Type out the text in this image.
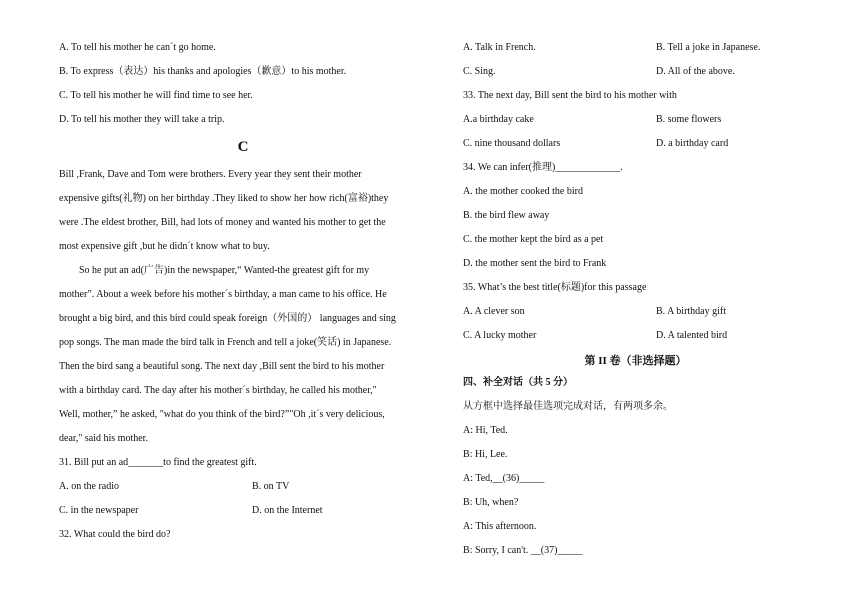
A. To tell his mother he can´t go home.
B. To express（表达）his thanks and apologies（歉意）to his mother.
C. To tell his mother he will find time to see her.
D. To tell his mother they will take a trip.
C
Bill ,Frank, Dave and Tom were brothers. Every year they sent their mother
expensive gifts(礼物) on her birthday .They liked to show her how rich(富裕)they
were .The eldest brother, Bill, had lots of money and wanted his mother to get the
most expensive gift ,but he didn´t know what to buy.
So he put an ad(广告)in the newspaper,“ Wanted-the greatest gift for my
mother”. About a week before his mother´s birthday, a man came to his office. He
brought a big bird, and this bird could speak foreign（外国的） languages and sing
pop songs. The man made the bird talk in French and tell a joke(笑话) in Japanese.
Then the bird sang a beautiful song. The next day ,Bill sent the bird to his mother
with a birthday card. The day after his mother´s birthday, he called his mother,"
Well, mother,” he asked, "what do you think of the bird?”"Oh ,it´s very delicious,
dear," said his mother.
31. Bill put an ad_______to find the greatest gift.
A. on the radio	B. on TV
C. in the newspaper	D. on the Internet
32. What could the bird do?
A. Talk in French.	B. Tell a joke in Japanese.
C. Sing.	D. All of the above.
33. The next day, Bill sent the bird to his mother with
A.a birthday cake	B. some flowers
C. nine thousand dollars	D. a birthday card
34. We can infer(推理)_____________.
A. the mother cooked the bird
B. the bird flew away
C. the mother kept the bird as a pet
D. the mother sent the bird to Frank
35. What’s the best title(标题)for this passage
A. A clever son	B. A birthday gift
C. A lucky mother	D. A talented bird
第 II 卷（非选择题）
四、补全对话（共 5 分）
从方框中选择最佳选项完成对话，有两项多余。
A: Hi, Ted.
B: Hi, Lee.
A: Ted,__(36)_____
B: Uh, when?
A: This afternoon.
B: Sorry, I can't. __(37)_____
